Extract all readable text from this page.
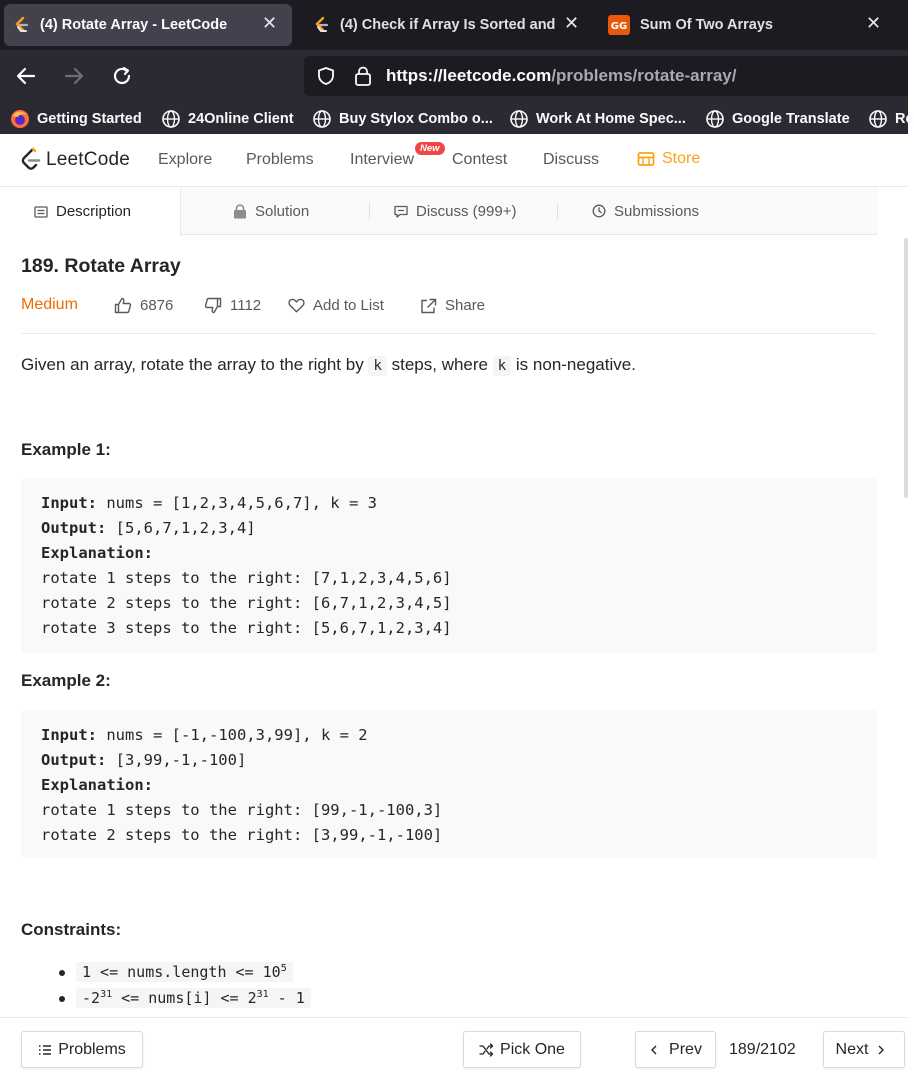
(4) Rotate Array - LeetCode ✕	(4) Check if Array Is Sorted and ✕	GG Sum Of Two Arrays	✕
https://leetcode.com/problems/rotate-array/
Getting Started	24Online Client	Buy Stylox Combo o...	Work At Home Spec...	Google Translate	Re
LeetCode Explore Problems Interview
New
Contest Discuss	Store
Description	Solution	Discuss (999+)	Submissions
189. Rotate Array
Medium	6876	1112	Add to List	Share
Given an array, rotate the array to the right by k steps, where k is non-negative.
Example 1:
Input: nums = [1,2,3,4,5,6,7], k = 3
Output: [5,6,7,1,2,3,4]
Explanation:
rotate 1 steps to the right: [7,1,2,3,4,5,6]
rotate 2 steps to the right: [6,7,1,2,3,4,5]
rotate 3 steps to the right: [5,6,7,1,2,3,4]
Example 2:
Input: nums = [-1,-100,3,99], k = 2
Output: [3,99,-1,-100]
Explanation:
rotate 1 steps to the right: [99,-1,-100,3]
rotate 2 steps to the right: [3,99,-1,-100]
Constraints:
1 <= nums.length <= $10^5$
$-2^{31}$ <= nums[i] <= $2^{31} - 1$
Problems	Pick One	Prev 189/2102 Next
